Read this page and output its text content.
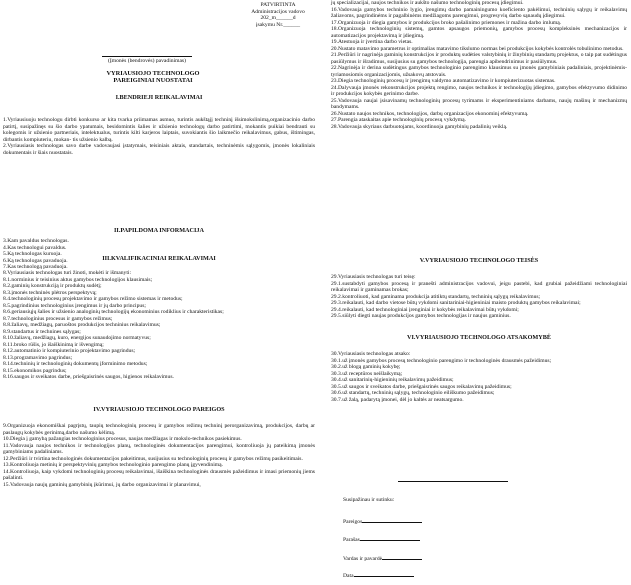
PATVIRTINTA
Administracijos vadovo
202_m______d
įsakymu Nr.______
(Įmonės (bendrovės) pavadinimas)
VYRIAUSIOJO TECHNOLOGO
PAREIGINIAI NUOSTATAI
I.BENDRIEJI REIKALAVIMAI

1.Vyriausiuoju technologu dirbti konkurso ar kita tvarka priimamas asmuo, turintis aukštąjį techninį išsimokslinimą,organizacinio darbo patirtį, susipažinęs su šio darbo ypatumais, besidomintis šalies ir užsienio technologų darbo patirtimi, mokantis puikiai bendrauti su kolegomis ir užsienio partneriais, intelektualus, turintis kilti karjeros laiptais, suvokiantis šio laikmečio reikalavimus, gabus, ištimingas, dirbantis kompiuteriu, mokan- tis užsienio kalbą.

2.Vyriausiasis technologas savo darbe vadovaujasi įstatymais, teisiniais aktais, standartais, techninėmis sąlygomis, įmonės lokaliniais dokumentais ir šiais nuostatais.

II.PAPILDOMA INFORMACIJA

3.Kam pavaldus technologas.

4.Kas technologui pavaldus.

5.Ką technologas kuruoja.

6.Ką technologas pavaduoja.

7.Kas technologą pavaduoja.

III.KVALIFIKACINIAI REIKALAVIMAI

8.Vyriausiasis technologas turi žinoti, mokėti ir išmanyti:

8.1.norminius ir teisinius aktus gamybos technologijos klausimais;

8.2.gaminių konstrukciją ir produktų sudėtį;

8.3.įmonės techninės plėtros perspektyvą;

8.4.technologinių procesų projektavimo ir gamybos režimo sistemas ir metodus;

8.5.pagrindinius technologinius įrengimus ir jų darbo principus;

8.6.geriausiųjų šalies ir užsienio analoginių technologijų ekonominius rodiklius ir charakteristikas;

8.7.technologinius procesus ir gamybos režimus;

8.8.žaliavų, medžiagų, paruoštos produkcijos techninius reikalavimus;

8.9.standartus ir technines sąlygas;

8.10.žaliavų, medžiagų, kuro, energijos sunaudojimo normatyvus;

8.11.broko rūšis, jo išaiškinimą ir išvengimą;

8.12.automatinio ir kompiuterinio projektavimo pagrindus;

8.13.programavimo pagrindus;

8.14.techninių ir technologinių dokumentų įforminimo metodus;

8.15.ekonomikos pagrindus;

8.16.saugos ir sveikatos darbe, priešgaisrinės saugos, higienos reikalavimus.

IV.VYRIAUSIOJO TECHNOLOGO PAREIGOS

9.Organizuoja ekonomiškai pagrįstų, taupių technologinių procesų ir gamybos režimų techninį perorganizavimą, produkcijos, darbų ar paslaugų kokybės gerinimą,darbo našumo kėlimą.

10.Diegia į gamybą pažangias technologinius procesus, naujas medžiagas ir mokslo-technikos pasiekimus.

11.Vadovauja naujos technikos ir technologijos planų, technologinės dokumentacijos parengimui, kontroliuoja jų pateikimą įmonės gamybiniams padaliniams.

12.Peržiūri ir tvirtina technologinės dokumentacijos pakeitimus, susijusius su technologinių procesų ir gamybos režimų pasikeitimais.

13.Kontroliuoja metinių ir perspektyvinių gamybos technologinio parengimo planų įgyvendinimą.

14.Kontroliuoja, kaip vykdomi technologinių procesų reikalavimai, išaiškina technologinės drausmės pažeidimus ir imasi priemonių jiems pašalinti.

15.Vadovauja naujų gaminių gamybinių įkūrimui, jų darbo organizavimui ir planavimui,

jų specializacijai, naujos technikos ir aukšto našumo technologinių procesų įdiegimui.

16.Vadovauja gamybos techninio lygio, įrengimų darbo pamainingumo koeficiento pakėlimui, techninių sąlygų ir reikalavimų žaliavoms, pagrindinėms ir pagalbinėms medžiagoms parengimui, progresyvių darbo sąnaudų įdiegimui.

17.Organizuoja ir diegia gamybos ir produkcijos broko pašalinimo priemones ir mažina darbo imlumą.

18.Organizuoja technologinių sistemų, gamtos apsaugos priemonių, gamybos procesų kompleksinės mechanizacijos ir automatizacijos projektavimą ir įdiegimą.

19.Atestuoja ir įvertina darbo vietas.

20.Nustato matavimo parametrus ir optimalias matavimo tikslumo normas bei produkcijos kokybės kontrolės tobulinimo metodus.

21.Peržiūri ir nagrinėja gaminių konstrukcijos ir produktų sudėties valstybinių ir žinybinių standartų projektus, o taip pat sudėtingus pasiūlymus ir išradimus, susijusius su gamybos technologija, parengia apibendrinimus ir pasiūlymus.

22.Nagrinėja ir derina sudėtingus gamybos technologinio parengimo klausimus su įmonės gamybiniais padaliniais, projektinėmis-tyriamosiomis organizacijomis, užsakovų atstovais.

23.Diegia technologinių procesų ir įrengimų valdymo automatizavimo ir kompiuterizuotas sistemas.

24.Dalyvauja įmonės rekonstrukcijos projektų rengimo, naujos technikos ir technologijų įdiegimo, gamybos efektyvumo didinimo ir produkcijos kokybės gerinimo darbe.

25.Vadovauja naujai įsisavinamų technologinių procesų tyrimams ir eksperimentiniams darbams, naujų mašinų ir mechanizmų bandymams.

26.Nustato naujos technikos, technologijos, darbų organizacijos ekonominį efektyvumą.

27.Parengia ataskaitas apie technologinių procesų vykdymą.

28.Vadovauja skyriaus darbuotojams, koordinuoja gamybinių padalinių veiklą.

V.VYRIAUSIOJO TECHNOLOGO TEISĖS

29.Vyriausiasis technologas turi teisę:

29.1.sustabdyti gamybos procesą ir pranešti administracijos vadovui, jeigu pastebi, kad grubiai pažeidžiami technologiniai reikalavimai ir gaminamas brokas;

29.2.kontroliuoti, kad gaminama produkcija atitiktų standartų, techninių sąlygų reikalavimus;

29.3.reikalauti, kad darbo vietose būtų vykdomi sanitariniai-higieniniai maisto produktų gamybos reikalavimai;

29.4.reikalauti, kad technologiniai įrenginiai ir kokybės reikalavimai būtų vykdomi;

29.5.siūlyti diegti naujas produkcijos gamybos technologijas ir naujus gaminius.

VI.VYRIAUSIOJO TECHNOLOGO ATSAKOMYBĖ

30.Vyriausiasis technologas atsako:

30.1.už įmonės gamybos procesų technologinio parengimo ir technologinės drausmės pažeidimus;

30.2.už blogą gaminių kokybę;

30.3.už receptūros neišlaikymą;

30.4.už sanitarinių-higieninių reikalavimų pažeidimus;

30.5.už saugos ir sveikatos darbe, priešgaisrinės saugos reikalavimų pažeidimus;

30.6.už standartų, techninių sąlygų, technologinio eiliškumo pažeidimus;

30.7.už žalą, padarytą įmonei, dėl jo kaltės ar neatsargumo.

Susipažinau ir sutinku:
Pareigos
Parašas
Vardas ir pavardė
Data
